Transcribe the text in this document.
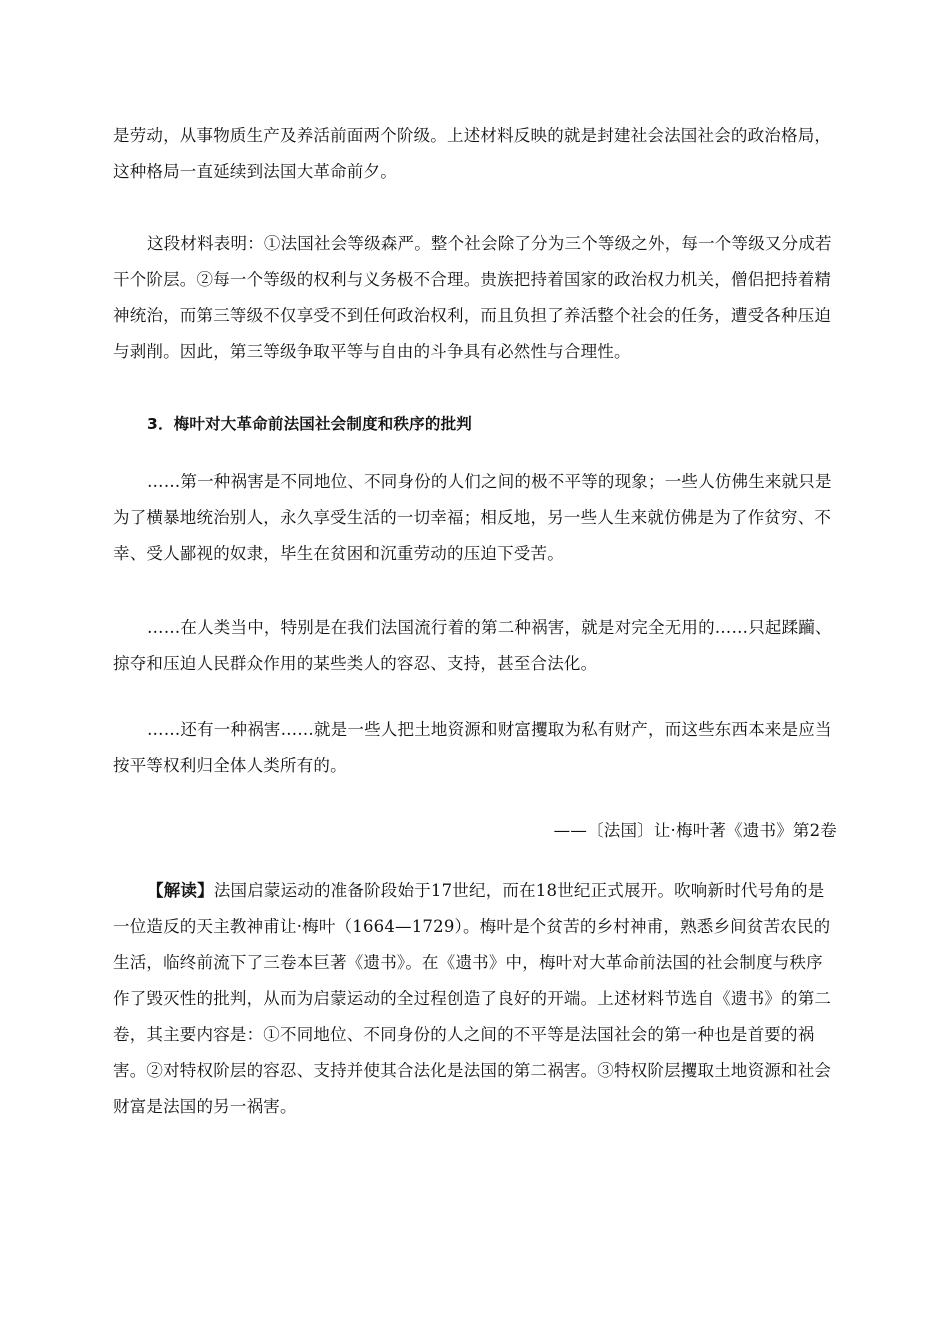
是劳动，从事物质生产及养活前面两个阶级。上述材料反映的就是封建社会法国社会的政治格局，这种格局一直延续到法国大革命前夕。

这段材料表明：①法国社会等级森严。整个社会除了分为三个等级之外，每一个等级又分成若干个阶层。②每一个等级的权利与义务极不合理。贵族把持着国家的政治权力机关，僧侣把持着精神统治，而第三等级不仅享受不到任何政治权利，而且负担了养活整个社会的任务，遭受各种压迫与剥削。因此，第三等级争取平等与自由的斗争具有必然性与合理性。

3．梅叶对大革命前法国社会制度和秩序的批判

……第一种祸害是不同地位、不同身份的人们之间的极不平等的现象；一些人仿佛生来就只是为了横暴地统治别人，永久享受生活的一切幸福；相反地，另一些人生来就仿佛是为了作贫穷、不幸、受人鄙视的奴隶，毕生在贫困和沉重劳动的压迫下受苦。

……在人类当中，特别是在我们法国流行着的第二种祸害，就是对完全无用的……只起蹂躏、掠夺和压迫人民群众作用的某些类人的容忍、支持，甚至合法化。

……还有一种祸害……就是一些人把土地资源和财富攫取为私有财产，而这些东西本来是应当按平等权利归全体人类所有的。

——〔法国〕让·梅叶著《遗书》第2卷

【解读】法国启蒙运动的准备阶段始于17世纪，而在18世纪正式展开。吹响新时代号角的是一位造反的天主教神甫让·梅叶（1664—1729）。梅叶是个贫苦的乡村神甫，熟悉乡间贫苦农民的生活，临终前流下了三卷本巨著《遗书》。在《遗书》中，梅叶对大革命前法国的社会制度与秩序作了毁灭性的批判，从而为启蒙运动的全过程创造了良好的开端。上述材料节选自《遗书》的第二卷，其主要内容是：①不同地位、不同身份的人之间的不平等是法国社会的第一种也是首要的祸害。②对特权阶层的容忍、支持并使其合法化是法国的第二祸害。③特权阶层攫取土地资源和社会财富是法国的另一祸害。
